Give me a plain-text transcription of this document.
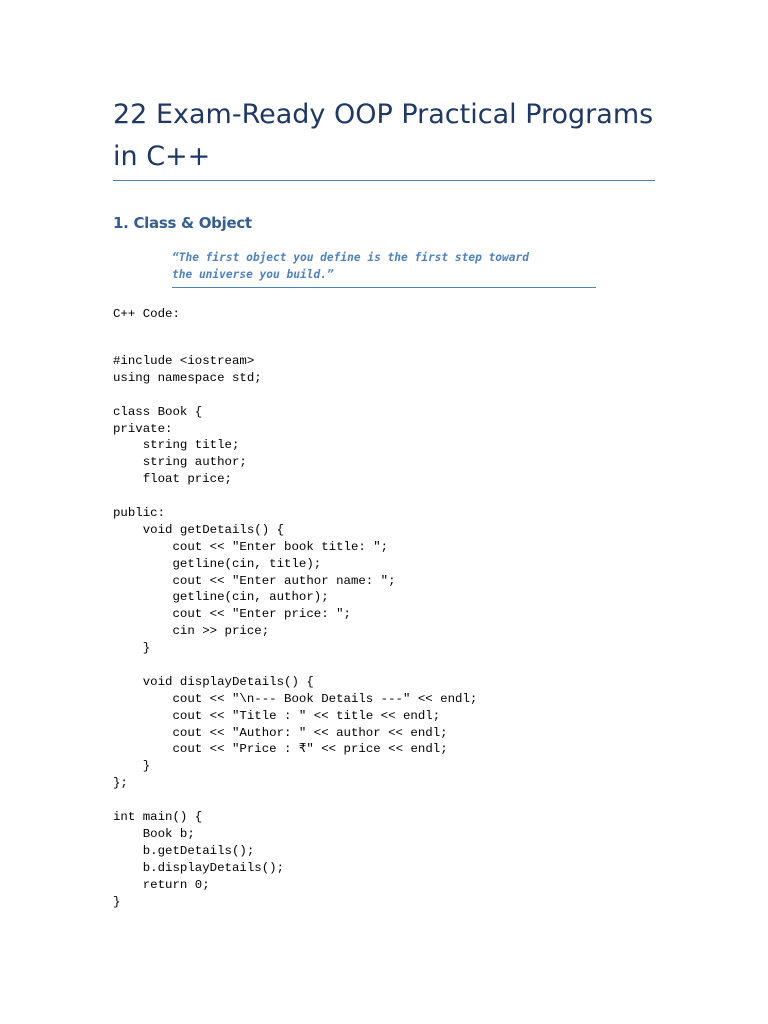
22 Exam-Ready OOP Practical Programs
in C++
1. Class & Object
“The first object you define is the first step toward
the universe you build.”
C++ Code:
#include <iostream>
using namespace std;
class Book {
private:
string title;
string author;
float price;
public:
void getDetails() {
cout << "Enter book title: ";
getline(cin, title);
cout << "Enter author name: ";
getline(cin, author);
cout << "Enter price: ";
cin >> price;
}
void displayDetails() {
cout << "\n--- Book Details ---" << endl;
cout << "Title : " << title << endl;
cout << "Author: " << author << endl;
cout << "Price : ₹" << price << endl;
}
};
int main() {
Book b;
b.getDetails();
b.displayDetails();
return 0;
}
